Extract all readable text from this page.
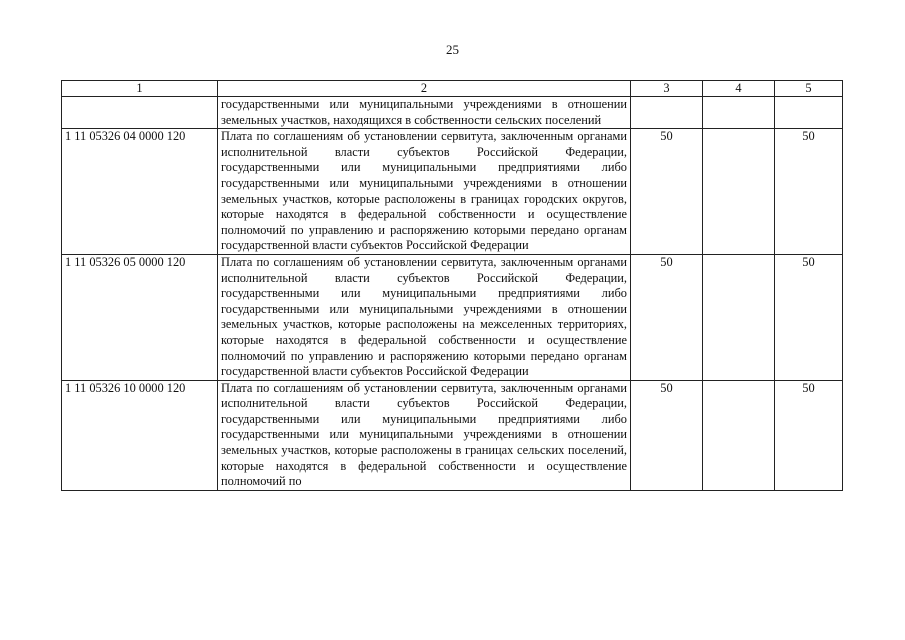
25
1	2	3	4	5
	государственными или муниципальными учреждениями в отношении земельных участков, находящихся в собственности сельских поселений			
1 11 05326 04 0000 120	Плата по соглашениям об установлении сервитута, заключенным органами исполнительной власти субъектов Российской Федерации, государственными или муниципальными предприятиями либо государственными или муниципальными учреждениями в отношении земельных участков, которые расположены в границах городских округов, которые находятся в федеральной собственности и осуществление полномочий по управлению и распоряжению которыми передано органам государственной власти субъектов Российской Федерации	50		50
1 11 05326 05 0000 120	Плата по соглашениям об установлении сервитута, заключенным органами исполнительной власти субъектов Российской Федерации, государственными или муниципальными предприятиями либо государственными или муниципальными учреждениями в отношении земельных участков, которые расположены на межселенных территориях, которые находятся в федеральной собственности и осуществление полномочий по управлению и распоряжению которыми передано органам государственной власти субъектов Российской Федерации	50		50
1 11 05326 10 0000 120	Плата по соглашениям об установлении сервитута, заключенным органами исполнительной власти субъектов Российской Федерации, государственными или муниципальными предприятиями либо государственными или муниципальными учреждениями в отношении земельных участков, которые расположены в границах сельских поселений, которые находятся в федеральной собственности и осуществление полномочий по	50		50
